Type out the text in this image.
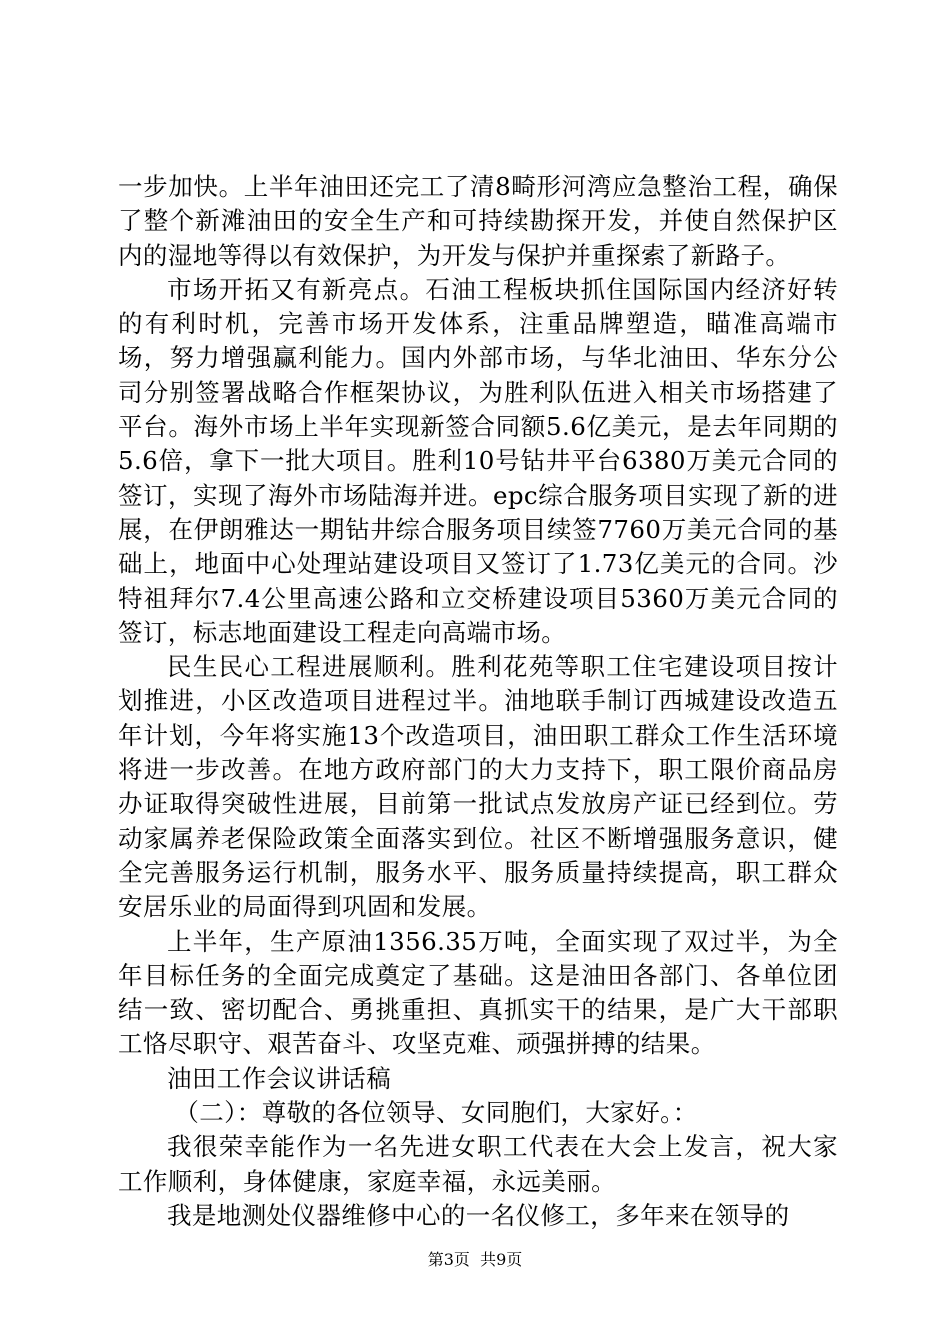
一步加快。上半年油田还完工了清8畸形河湾应急整治工程，确保了整个新滩油田的安全生产和可持续勘探开发，并使自然保护区内的湿地等得以有效保护，为开发与保护并重探索了新路子。

市场开拓又有新亮点。石油工程板块抓住国际国内经济好转的有利时机，完善市场开发体系，注重品牌塑造，瞄准高端市场，努力增强赢利能力。国内外部市场，与华北油田、华东分公司分别签署战略合作框架协议，为胜利队伍进入相关市场搭建了平台。海外市场上半年实现新签合同额5.6亿美元，是去年同期的5.6倍，拿下一批大项目。胜利10号钻井平台6380万美元合同的签订，实现了海外市场陆海并进。epc综合服务项目实现了新的进展，在伊朗雅达一期钻井综合服务项目续签7760万美元合同的基础上，地面中心处理站建设项目又签订了1.73亿美元的合同。沙特祖拜尔7.4公里高速公路和立交桥建设项目5360万美元合同的签订，标志地面建设工程走向高端市场。

民生民心工程进展顺利。胜利花苑等职工住宅建设项目按计划推进，小区改造项目进程过半。油地联手制订西城建设改造五年计划，今年将实施13个改造项目，油田职工群众工作生活环境将进一步改善。在地方政府部门的大力支持下，职工限价商品房办证取得突破性进展，目前第一批试点发放房产证已经到位。劳动家属养老保险政策全面落实到位。社区不断增强服务意识，健全完善服务运行机制，服务水平、服务质量持续提高，职工群众安居乐业的局面得到巩固和发展。

上半年，生产原油1356.35万吨，全面实现了双过半，为全年目标任务的全面完成奠定了基础。这是油田各部门、各单位团结一致、密切配合、勇挑重担、真抓实干的结果，是广大干部职工恪尽职守、艰苦奋斗、攻坚克难、顽强拼搏的结果。

油田工作会议讲话稿

（二）：尊敬的各位领导、女同胞们，大家好。：

我很荣幸能作为一名先进女职工代表在大会上发言，祝大家工作顺利，身体健康，家庭幸福，永远美丽。

我是地测处仪器维修中心的一名仪修工，多年来在领导的

第3页  共9页
